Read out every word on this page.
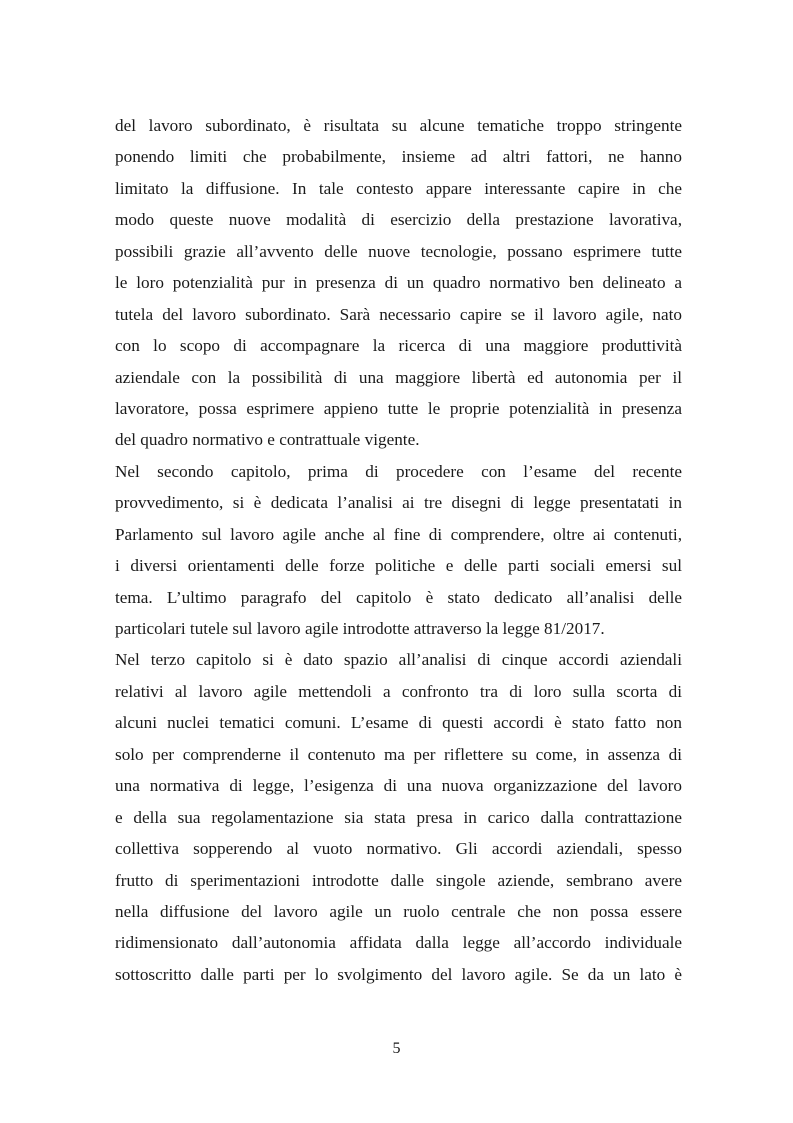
del lavoro subordinato, è risultata su alcune tematiche troppo stringente
ponendo limiti che probabilmente, insieme ad altri fattori, ne hanno
limitato la diffusione. In tale contesto appare interessante capire in che
modo queste nuove modalità di esercizio della prestazione lavorativa,
possibili grazie all’avvento delle nuove tecnologie, possano esprimere tutte
le loro potenzialità pur in presenza di un quadro normativo ben delineato a
tutela del lavoro subordinato. Sarà necessario capire se il lavoro agile, nato
con lo scopo di accompagnare la ricerca di una maggiore produttività
aziendale con la possibilità di una maggiore libertà ed autonomia per il
lavoratore, possa esprimere appieno tutte le proprie potenzialità in presenza
del quadro normativo e contrattuale vigente.
Nel secondo capitolo, prima di procedere con l’esame del recente
provvedimento, si è dedicata l’analisi ai tre disegni di legge presentatati in
Parlamento sul lavoro agile anche al fine di comprendere, oltre ai contenuti,
i diversi orientamenti delle forze politiche e delle parti sociali emersi sul
tema. L’ultimo paragrafo del capitolo è stato dedicato all’analisi delle
particolari tutele sul lavoro agile introdotte attraverso la legge 81/2017.
Nel terzo capitolo si è dato spazio all’analisi di cinque accordi aziendali
relativi al lavoro agile mettendoli a confronto tra di loro sulla scorta di
alcuni nuclei tematici comuni. L’esame di questi accordi è stato fatto non
solo per comprenderne il contenuto ma per riflettere su come, in assenza di
una normativa di legge, l’esigenza di una nuova organizzazione del lavoro
e della sua regolamentazione sia stata presa in carico dalla contrattazione
collettiva sopperendo al vuoto normativo. Gli accordi aziendali, spesso
frutto di sperimentazioni introdotte dalle singole aziende, sembrano avere
nella diffusione del lavoro agile un ruolo centrale che non possa essere
ridimensionato dall’autonomia affidata dalla legge all’accordo individuale
sottoscritto dalle parti per lo svolgimento del lavoro agile. Se da un lato è
5
